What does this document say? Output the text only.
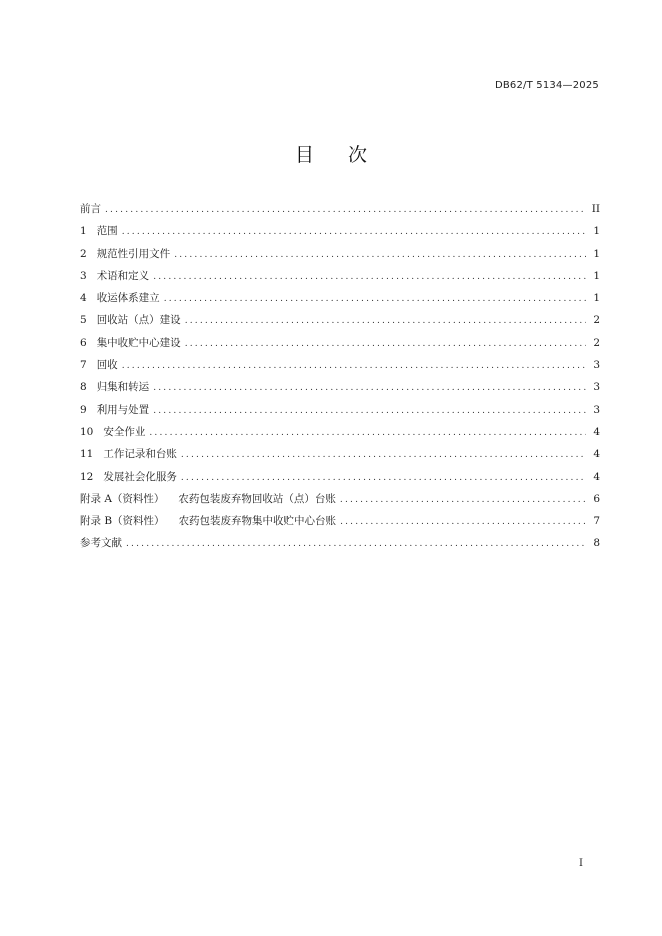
DB62/T 5134—2025
目 次
前言 .....	II
1 范围 .....	1
2 规范性引用文件 .....	1
3 术语和定义 .....	1
4 收运体系建立 .....	1
5 回收站（点）建设 .....	2
6 集中收贮中心建设 .....	2
7 回收 .....	3
8 归集和转运 .....	3
9 利用与处置 .....	3
10 安全作业 .....	4
11 工作记录和台账 .....	4
12 发展社会化服务 .....	4
附录 A（资料性）	农药包装废弃物回收站（点）台账 .....	6
附录 B（资料性）	农药包装废弃物集中收贮中心台账 .....	7
参考文献 .....	8
I
